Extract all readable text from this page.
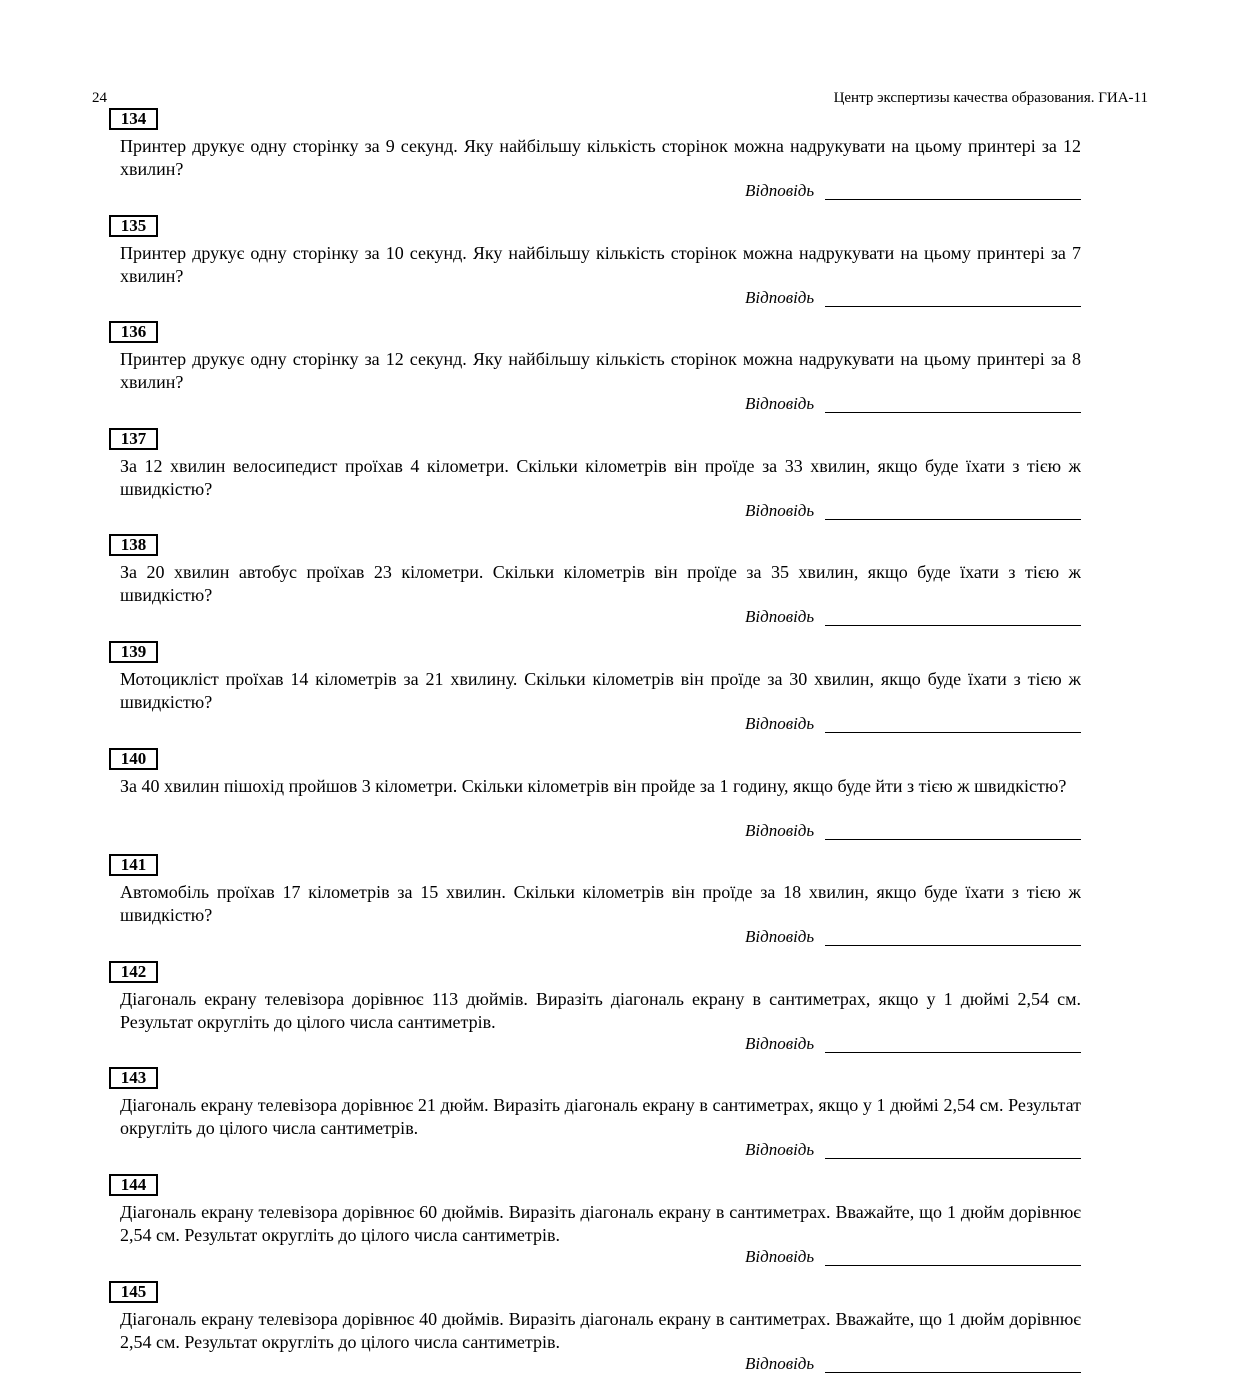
24	Центр экспертизы качества образования. ГИА-11
134
Принтер друкує одну сторінку за 9 секунд. Яку найбільшу кількість сторінок можна надрукувати на цьому принтері за 12 хвилин?
Відповідь
135
Принтер друкує одну сторінку за 10 секунд. Яку найбільшу кількість сторінок можна надрукувати на цьому принтері за 7 хвилин?
Відповідь
136
Принтер друкує одну сторінку за 12 секунд. Яку найбільшу кількість сторінок можна надрукувати на цьому принтері за 8 хвилин?
Відповідь
137
За 12 хвилин велосипедист проїхав 4 кілометри. Скільки кілометрів він проїде за 33 хвилин, якщо буде їхати з тією ж швидкістю?
Відповідь
138
За 20 хвилин автобус проїхав 23 кілометри. Скільки кілометрів він проїде за 35 хвилин, якщо буде їхати з тією ж швидкістю?
Відповідь
139
Мотоцикліст проїхав 14 кілометрів за 21 хвилину. Скільки кілометрів він проїде за 30 хвилин, якщо буде їхати з тією ж швидкістю?
Відповідь
140
За 40 хвилин пішохід пройшов 3 кілометри. Скільки кілометрів він пройде за 1 годину, якщо буде йти з тією ж швидкістю?
Відповідь
141
Автомобіль проїхав 17 кілометрів за 15 хвилин. Скільки кілометрів він проїде за 18 хвилин, якщо буде їхати з тією ж швидкістю?
Відповідь
142
Діагональ екрану телевізора дорівнює 113 дюймів. Виразіть діагональ екрану в сантиметрах, якщо у 1 дюймі 2,54 см. Результат округліть до цілого числа сантиметрів.
Відповідь
143
Діагональ екрану телевізора дорівнює 21 дюйм. Виразіть діагональ екрану в сантиметрах, якщо у 1 дюймі 2,54 см. Результат округліть до цілого числа сантиметрів.
Відповідь
144
Діагональ екрану телевізора дорівнює 60 дюймів. Виразіть діагональ екрану в сантиметрах. Вважайте, що 1 дюйм дорівнює 2,54 см. Результат округліть до цілого числа сантиметрів.
Відповідь
145
Діагональ екрану телевізора дорівнює 40 дюймів. Виразіть діагональ екрану в сантиметрах. Вважайте, що 1 дюйм дорівнює 2,54 см. Результат округліть до цілого числа сантиметрів.
Відповідь
